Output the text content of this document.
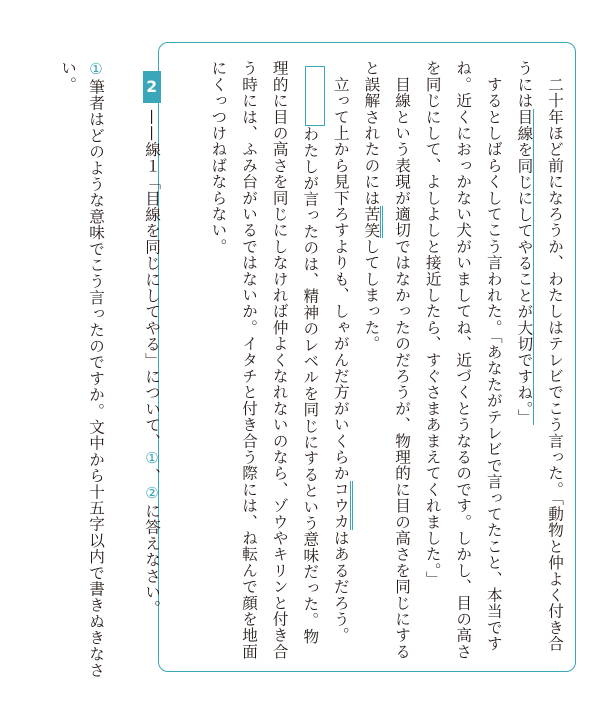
　二十年ほど前になろうか、わたしはテレビでこう言った。「動物と仲よく付き合うには目線を同じにしてやることが大切ですね。」
　するとしばらくしてこう言われた。「あなたがテレビで言ってたこと、本当ですね。近くにおっかない犬がいましてね、近づくとうなるのです。しかし、目の高さを同じにして、よしよしと接近したら、すぐさまあまえてくれました。」
　目線という表現が適切ではなかったのだろうが、物理的に目の高さを同じにすると誤解されたのには苦笑してしまった。
　立って上から見下ろすよりも、しゃがんだ方がいくらかコウカはあるだろう。わたしが言ったのは、精神のレベルを同じにするという意味だった。物理的に目の高さを同じにしなければ仲よくなれないのなら、ゾウやキリンと付き合う時には、ふみ台がいるではないか。イタチと付き合う際には、ね転んで顔を地面にくっつけねばならない。

2——線１「目線を同じにしてやる」について、①、②に答えなさい。

①筆者はどのような意味でこう言ったのですか。文中から十五字以内で書きぬきなさい。
